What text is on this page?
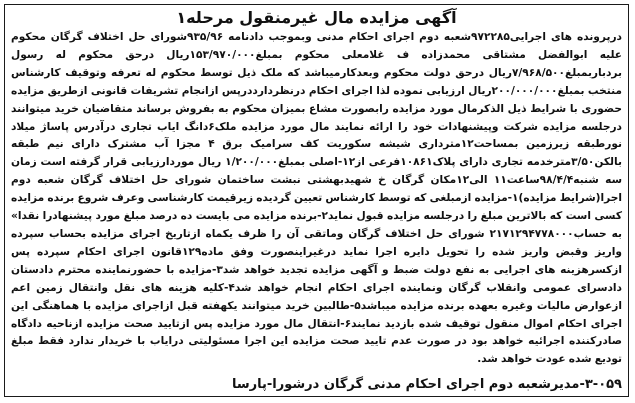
آگهی مزایده مال غیرمنقول مرحله۱

درپرونده های اجرایی۹۷۲۲۸۵شعبه دوم اجرای احکام مدنی وبموجب دادنامه ۹۳۵/۹۶شورای حل اختلاف گرگان محکوم علیه ابوالفضل مشتاقی محمدزاده ف غلامعلی محکوم بمبلغ۱۵۳/۹۷۰/۰۰۰ریال درحق محکوم له رسول بردباربمبلغ۷/۹۶۸/۵۰۰ریال درحق دولت محکوم وبعدکارمیباشد که ملک ذیل توسط محکوم له تعرفه وتوقیف کارشناس منتخب بمبلغ۲۰۰/۰۰۰/۰۰۰ریال ارزیابی نموده لذا اجرای احکام درنظردارددرپس ازانجام تشریفات قانونی ازطریق مزایده حضوری با شرایط ذیل الذکرمال مورد مزایده رابصورت مشاع بمیزان محکوم به بفروش برساند متقاضیان خرید میتوانند درجلسه مزایده شرکت وپیشنهادات خود را ارائه نمایند مال مورد مزایده ملک۶دانگ ایاب تجاری درآدرس پاساژ میلاد نورطبقه زیرزمین بمساحت۱۲مترداری شیشه سکوریت کف سرامیک برق ۴ مجزا آب مشترک دارای نیم طبقه بالکن۳/۵۰مترخدمه تجاری دارای پلاک۱۰۸۶۱فرعی از۱۲-اصلی بمبلغ۱/۲۰۰/۰۰۰ ریال موردارزیابی قرار گرفته است زمان سه شنبه۹۸/۴/۴ساعت۱۱ الی۱۲مکان گرگان خ شهیدبهشتی نبشت ساختمان شورای حل اختلاف گرگان شعبه دوم اجرا(شرایط مزایده)۱-مزایده ازمبلغی که توسط کارشناس تعیین گردیده زیرقیمت کارشناسی وعرف شروع برنده مزایده کسی است که بالاترین مبلغ را درجلسه مزایده قبول نماید۲-برنده مزایده می بایست ده درصد مبلغ مورد پیشنهادرا نقدا» به حساب۲۱۷۱۲۹۴۷۷۸۰۰۰ شورای حل اختلاف گرگان وماتقی آن را ظرف یکماه ازتاریخ اجرای مزایده بحساب سپرده واریز وقبض واریز شده را تحویل دایره اجرا نماید درغیراینصورت وفق ماده۱۲۹قانون اجرای احکام سپرده پس ازکسرهزینه های اجرایی به نفع دولت ضبط و آگهی مزایده تجدید خواهد شد۳-مزایده با حضورنماینده محترم دادستان دادسرای عمومی وانقلاب گرگان ونماینده اجرای احکام انجام خواهد شد۴-کلیه هزینه های نقل وانتقال زمین اعم ازعوارض مالیات وغیره بعهده برنده مزایده میباشد۵-طالبین خرید میتوانند یکهفته قبل ازاجرای مزایده با هماهنگی این اجرای احکام اموال منقول توقیف شده بازدید نمایند۶-انتقال مال مورد مزایده پس ازتایید صحت مزایده ازناحیه دادگاه صادرکننده اجرائیه خواهد بود در صورت عدم تایید صحت مزایده این اجرا مسئولیتی درایاب با خریدار ندارد فقط مبلغ تودیع شده عودت خواهد شد.

۳-۰۵۹-مدیرشعبه دوم اجرای احکام مدنی گرگان درشورا-پارسا
